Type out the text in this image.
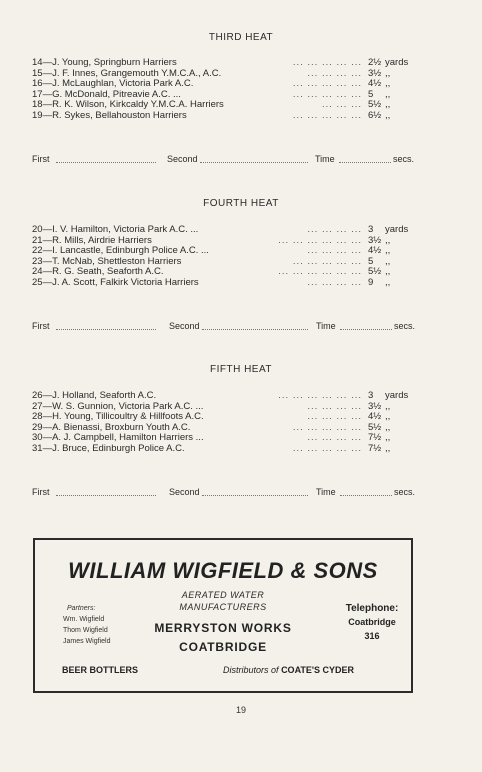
THIRD HEAT
14—J. Young, Springburn Harriers	... ... ... ... ... 2½ yards
15—J. F. Innes, Grangemouth Y.M.C.A., A.C.	... ... ... ... 3½ ,,
16—J. McLaughlan, Victoria Park A.C.	... ... ... ... ... 4½ ,,
17—G. McDonald, Pitreavie A.C. ...	... ... ... ... ... 5	,,
18—R. K. Wilson, Kirkcaldy Y.M.C.A. Harriers	... ... ... 5½ ,,
19—R. Sykes, Bellahouston Harriers	... ... ... ... ... 6½ ,,
First	Second	Time	secs.
FOURTH HEAT
20—I. V. Hamilton, Victoria Park A.C. ...	... ... ... ... 3	yards
21—R. Mills, Airdrie Harriers	... ... ... ... ... ... 3½ ,,
22—I. Lancastle, Edinburgh Police A.C. ...	... ... ... ... 4½ ,,
23—T. McNab, Shettleston Harriers	... ... ... ... ... 5	,,
24—R. G. Seath, Seaforth A.C.	... ... ... ... ... ... 5½ ,,
25—J. A. Scott, Falkirk Victoria Harriers	... ... ... ... 9	,,
First	Second	Time	secs.
FIFTH HEAT
26—J. Holland, Seaforth A.C.	... ... ... ... ... ... 3	yards
27—W. S. Gunnion, Victoria Park A.C. ...	... ... ... ... 3½ ,,
28—H. Young, Tillicoultry & Hillfoots A.C.	... ... ... ... 4½ ,,
29—A. Bienassi, Broxburn Youth A.C.	... ... ... ... ... 5½ ,,
30—A. J. Campbell, Hamilton Harriers ...	... ... ... ... 7½ ,,
31—J. Bruce, Edinburgh Police A.C.	... ... ... ... ... 7½ ,,
First	Second	Time	secs.
WILLIAM WIGFIELD & SONS
AERATED WATER
MANUFACTURERS
Partners:
Wm. Wigfield
Thom Wigfield
James Wigfield
MERRYSTON WORKS
COATBRIDGE
Telephone:
Coatbridge
316
BEER BOTTLERS	Distributors of COATE'S CYDER
19
